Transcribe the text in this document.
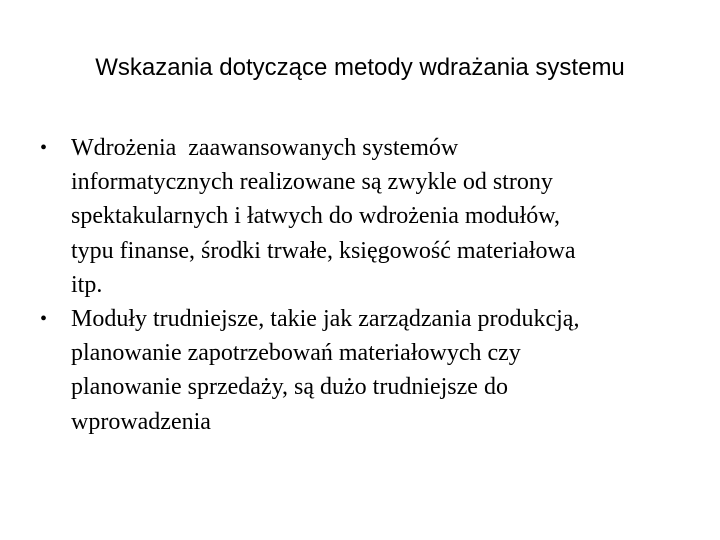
Wskazania dotyczące metody wdrażania systemu
• Wdrożenia  zaawansowanych systemów
informatycznych realizowane są zwykle od strony
spektakularnych i łatwych do wdrożenia modułów,
typu finanse, środki trwałe, księgowość materiałowa
itp.
• Moduły trudniejsze, takie jak zarządzania produkcją,
planowanie zapotrzebowań materiałowych czy
planowanie sprzedaży, są dużo trudniejsze do
wprowadzenia
